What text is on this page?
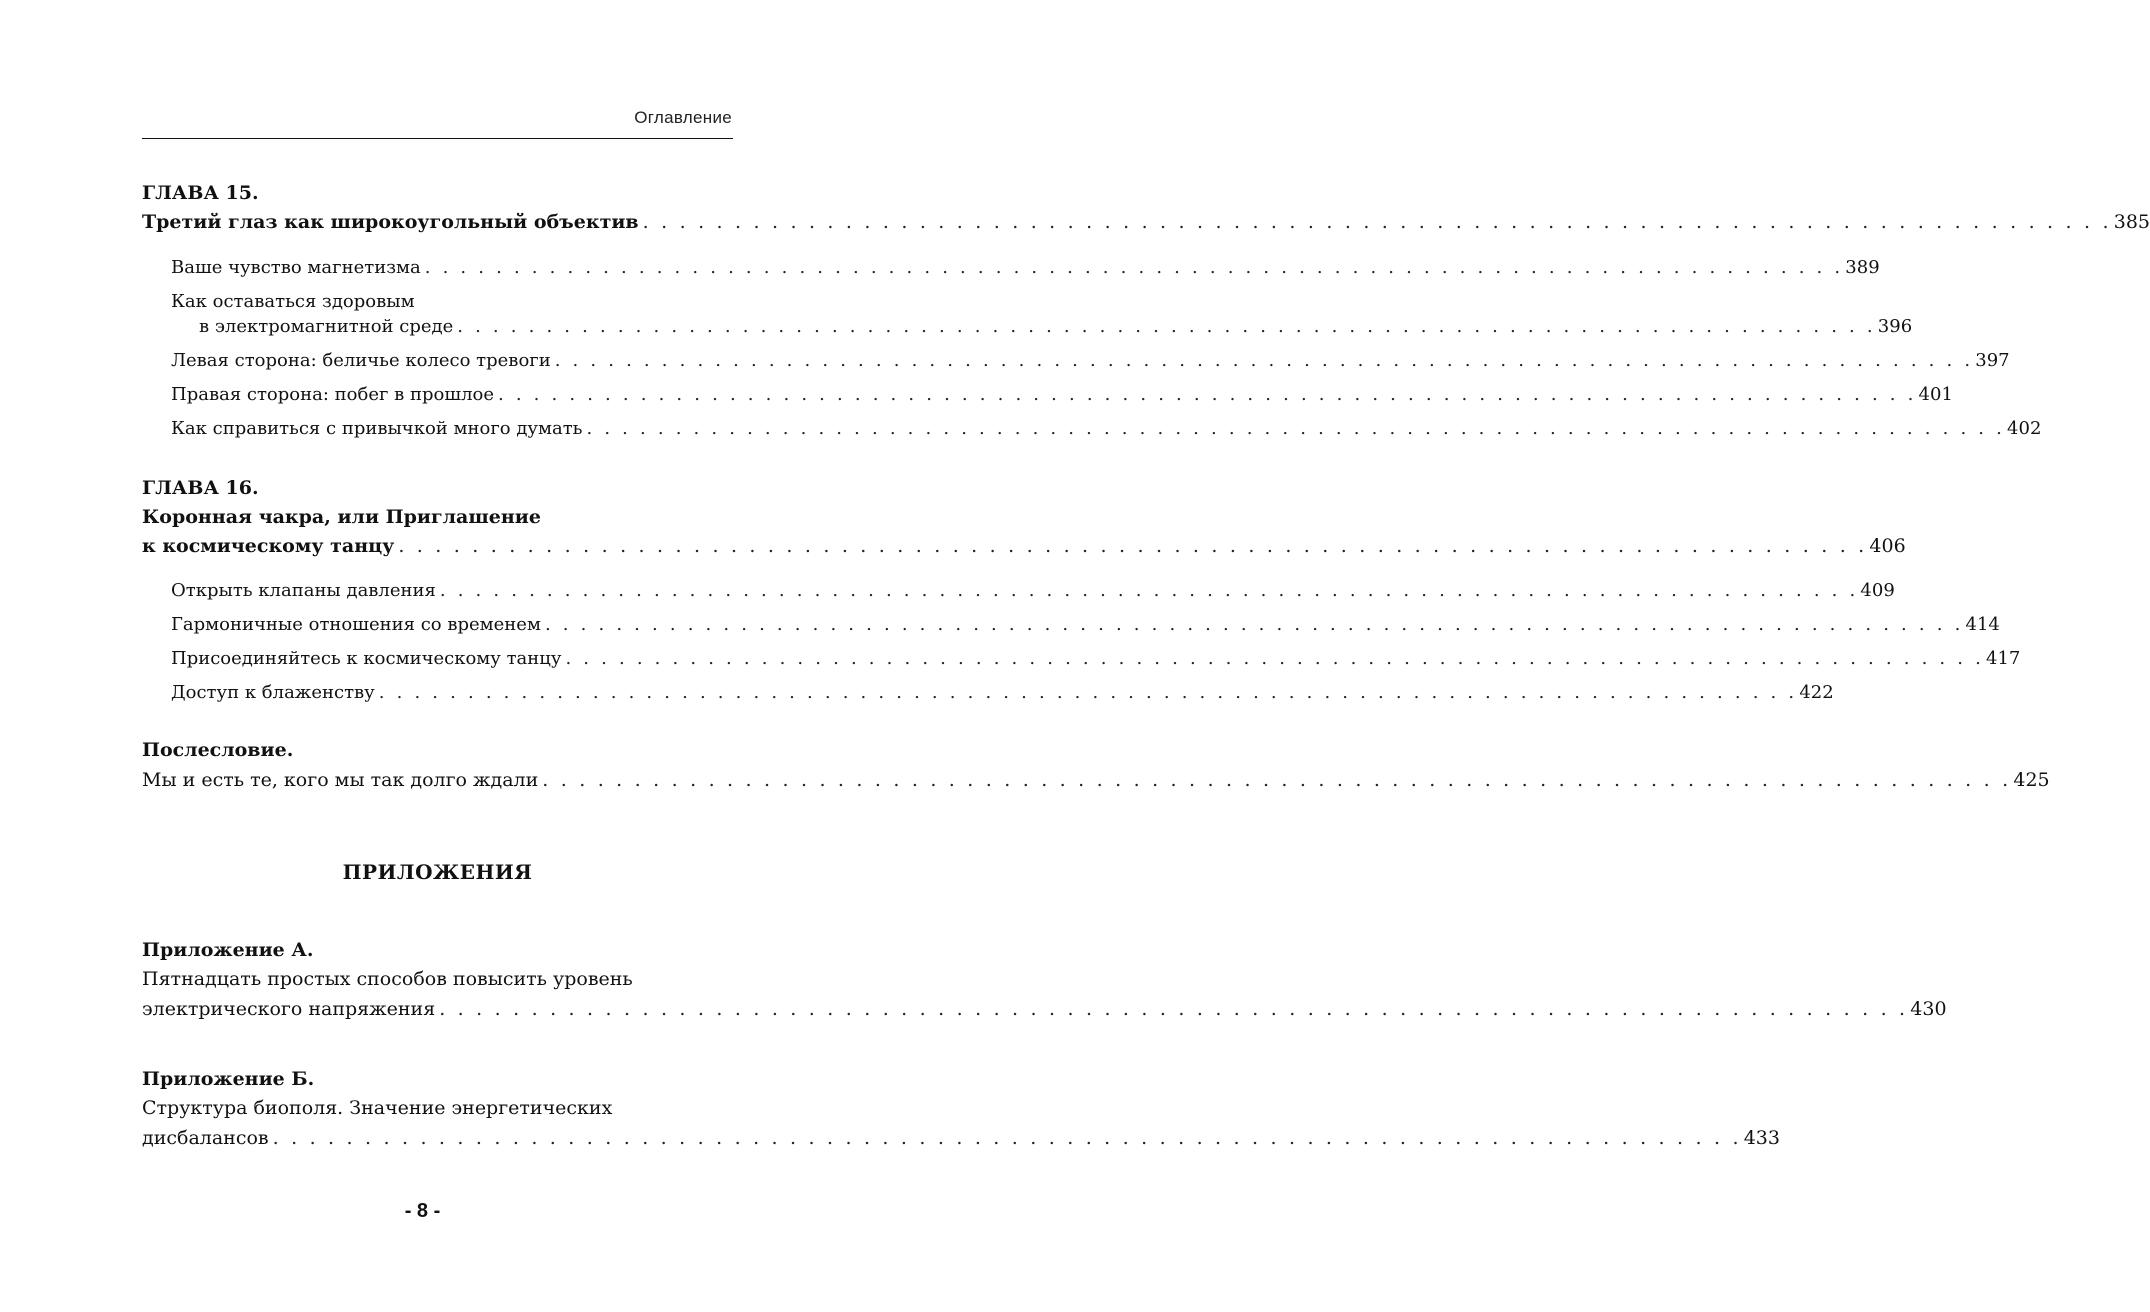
Оглавление
ГЛАВА 15.
Третий глаз как широкоугольный объектив . . . . . . . . . . . . . . . . . . . . . . . . . . . . . . . . . . . . . . . . . . . . . . . . . . . . . . . . . . . . . . . . . . . . . . . . . . . . . . . . 385
Ваше чувство магнетизма . . . . . . . . . . . . . . . . . . . . . . . . . . . . . . . . . . . . . . . . . . . . . . . . . . . . . . . . . . . . . . . . . . . . . . . . . . . . . . . . 389
Как оставаться здоровым
в электромагнитной среде . . . . . . . . . . . . . . . . . . . . . . . . . . . . . . . . . . . . . . . . . . . . . . . . . . . . . . . . . . . . . . . . . . . . . . . . . . . . . . . . 396
Левая сторона: беличье колесо тревоги . . . . . . . . . . . . . . . . . . . . . . . . . . . . . . . . . . . . . . . . . . . . . . . . . . . . . . . . . . . . . . . . . . . . . . . . . . . . . . . . 397
Правая сторона: побег в прошлое . . . . . . . . . . . . . . . . . . . . . . . . . . . . . . . . . . . . . . . . . . . . . . . . . . . . . . . . . . . . . . . . . . . . . . . . . . . . . . . . 401
Как справиться с привычкой много думать . . . . . . . . . . . . . . . . . . . . . . . . . . . . . . . . . . . . . . . . . . . . . . . . . . . . . . . . . . . . . . . . . . . . . . . . . . . . . . . . 402
ГЛАВА 16.
Коронная чакра, или Приглашение
к космическому танцу . . . . . . . . . . . . . . . . . . . . . . . . . . . . . . . . . . . . . . . . . . . . . . . . . . . . . . . . . . . . . . . . . . . . . . . . . . . . . . . . 406
Открыть клапаны давления . . . . . . . . . . . . . . . . . . . . . . . . . . . . . . . . . . . . . . . . . . . . . . . . . . . . . . . . . . . . . . . . . . . . . . . . . . . . . . . . 409
Гармоничные отношения со временем . . . . . . . . . . . . . . . . . . . . . . . . . . . . . . . . . . . . . . . . . . . . . . . . . . . . . . . . . . . . . . . . . . . . . . . . . . . . . . . . 414
Присоединяйтесь к космическому танцу . . . . . . . . . . . . . . . . . . . . . . . . . . . . . . . . . . . . . . . . . . . . . . . . . . . . . . . . . . . . . . . . . . . . . . . . . . . . . . . . 417
Доступ к блаженству . . . . . . . . . . . . . . . . . . . . . . . . . . . . . . . . . . . . . . . . . . . . . . . . . . . . . . . . . . . . . . . . . . . . . . . . . . . . . . . . 422
Послесловие.
Мы и есть те, кого мы так долго ждали . . . . . . . . . . . . . . . . . . . . . . . . . . . . . . . . . . . . . . . . . . . . . . . . . . . . . . . . . . . . . . . . . . . . . . . . . . . . . . . . 425
ПРИЛОЖЕНИЯ
Приложение А.
Пятнадцать простых способов повысить уровень
электрического напряжения . . . . . . . . . . . . . . . . . . . . . . . . . . . . . . . . . . . . . . . . . . . . . . . . . . . . . . . . . . . . . . . . . . . . . . . . . . . . . . . . 430
Приложение Б.
Структура биополя. Значение энергетических
дисбалансов . . . . . . . . . . . . . . . . . . . . . . . . . . . . . . . . . . . . . . . . . . . . . . . . . . . . . . . . . . . . . . . . . . . . . . . . . . . . . . . . 433
- 8 -
